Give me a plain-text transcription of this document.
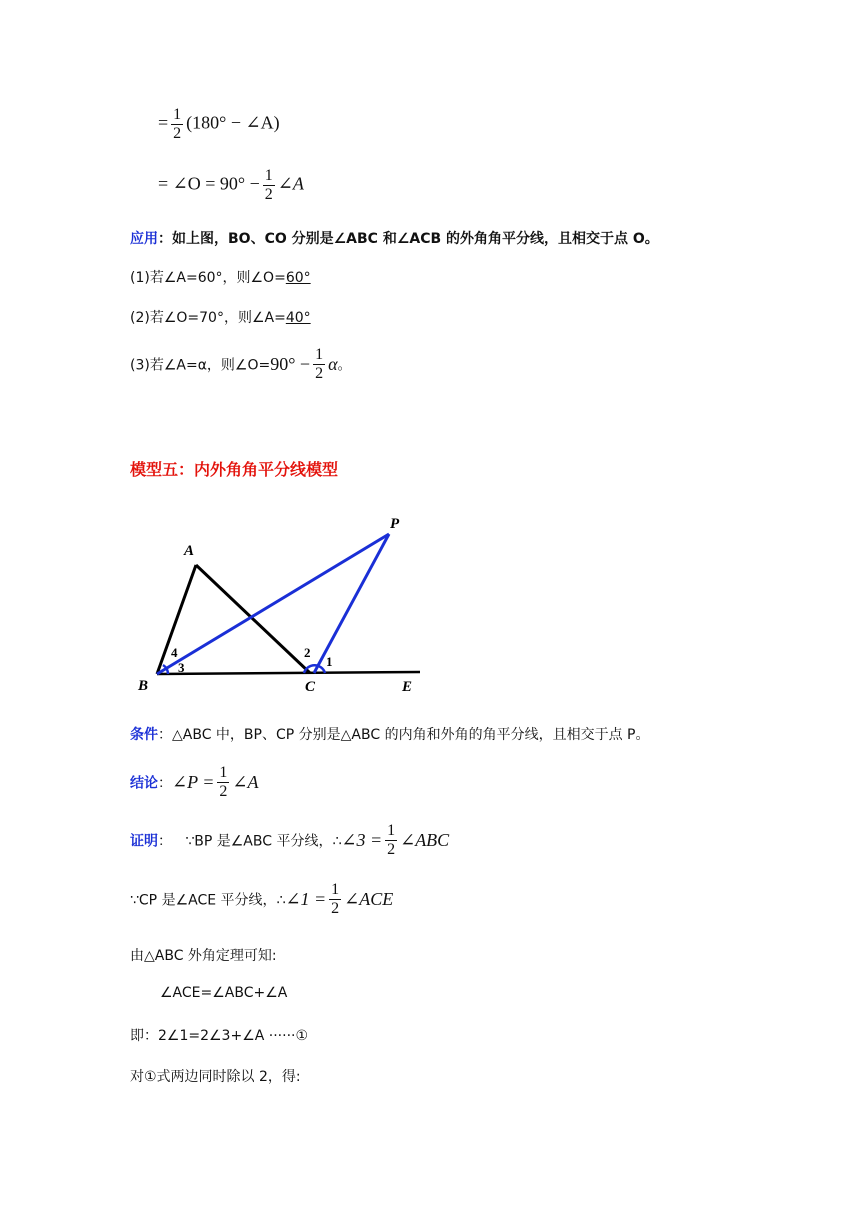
= $\frac{1}{2} (180^\circ$ − ∠A)
= ∠O = $90^\circ - \frac{1}{2}$ ∠A
应用：如上图，BO、CO 分别是∠ABC 和∠ACB 的外角角平分线，且相交于点 O。
(1)若∠A=60°，则∠O=60°
(2)若∠O=70°，则∠A=40°
(3)若∠A=α，则∠O=90° − $\frac{1}{2}$ α。
模型五：内外角角平分线模型
A
B	C	E
P
1
2
3
4
条件：△ABC 中，BP、CP 分别是△ABC 的内角和外角的角平分线，且相交于点 P。
结论：∠P = $\frac{1}{2}$ ∠A
证明：   ∵BP 是∠ABC 平分线，∴∠3 = $\frac{1}{2}$ ∠ABC
∵CP 是∠ACE 平分线，∴∠1 = $\frac{1}{2}$ ∠ACE
由△ABC 外角定理可知:
∠ACE=∠ABC+∠A
即：2∠1=2∠3+∠A ······①
对①式两边同时除以 2，得:
